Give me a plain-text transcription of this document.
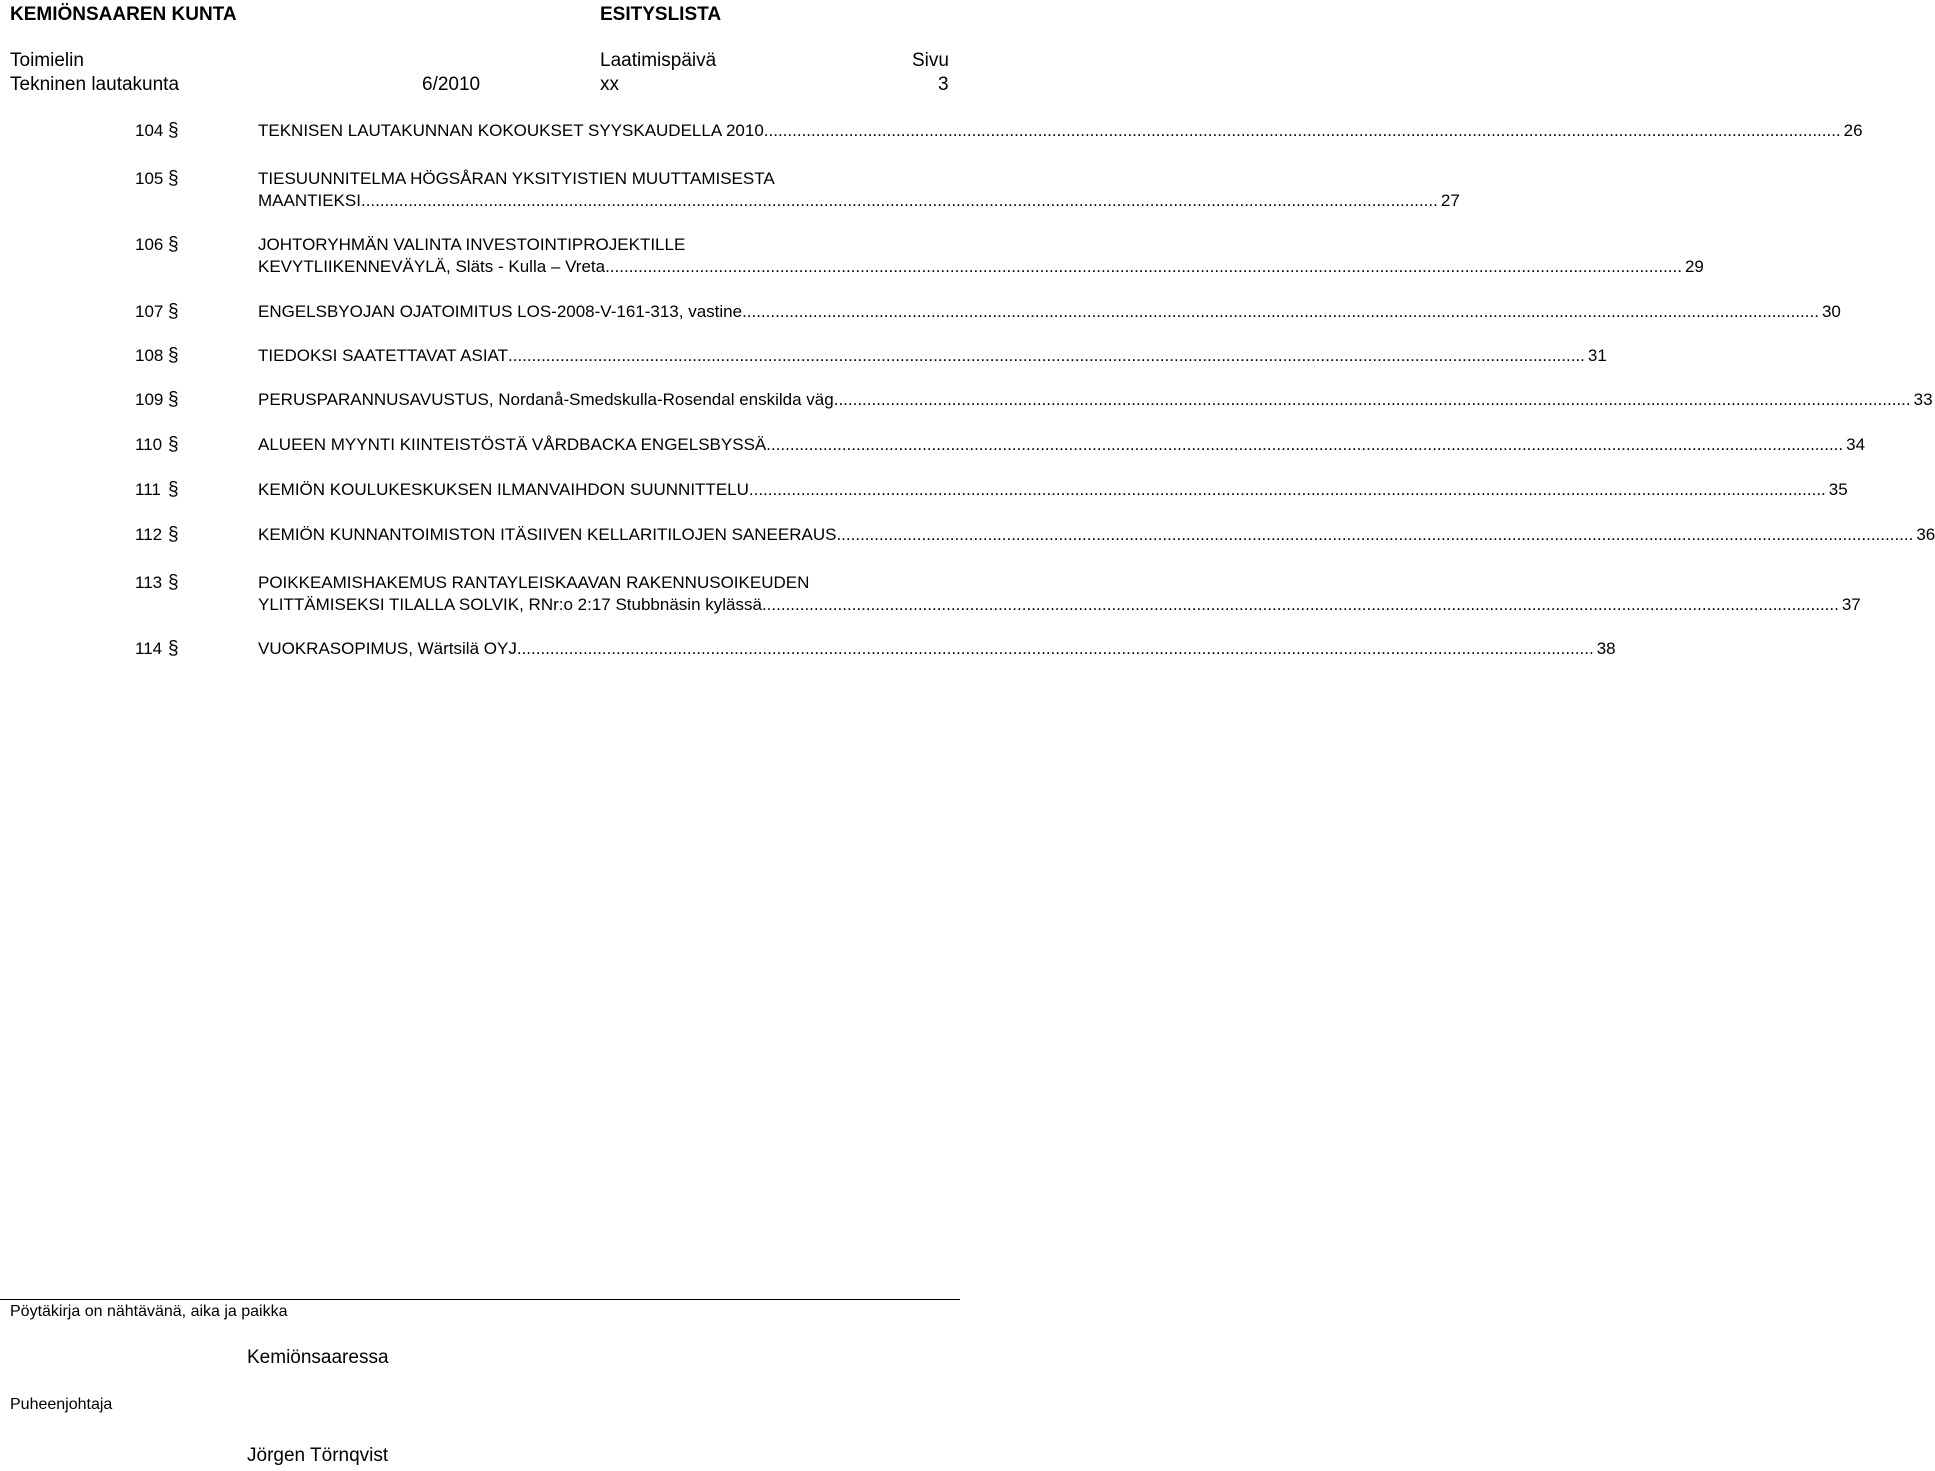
KEMIÖNSAAREN KUNTA	ESITYSLISTA
Toimielin	Laatimispäivä	Sivu
Tekninen lautakunta	6/2010	xx	3
104 §	TEKNISEN LAUTAKUNNAN KOKOUKSET SYYSKAUDELLA 2010 .................................................................................................................................................................................................................................... 26
105 §	TIESUUNNITELMA HÖGSÅRAN YKSITYISTIEN MUUTTAMISESTA
MAANTIEKSI .................................................................................................................................................................................................................................... 27
106 §	JOHTORYHMÄN VALINTA INVESTOINTIPROJEKTILLE
KEVYTLIIKENNEVÄYLÄ, Släts - Kulla – Vreta .................................................................................................................................................................................................................................... 29
107 §	ENGELSBYOJAN OJATOIMITUS LOS-2008-V-161-313, vastine .................................................................................................................................................................................................................................... 30
108 §	TIEDOKSI SAATETTAVAT ASIAT .................................................................................................................................................................................................................................... 31
109 §	PERUSPARANNUSAVUSTUS, Nordanå-Smedskulla-Rosendal enskilda väg .................................................................................................................................................................................................................................... 33
110 §	ALUEEN MYYNTI KIINTEISTÖSTÄ VÅRDBACKA ENGELSBYSSÄ .................................................................................................................................................................................................................................... 34
111 §	KEMIÖN KOULUKESKUKSEN ILMANVAIHDON SUUNNITTELU .................................................................................................................................................................................................................................... 35
112 §	KEMIÖN KUNNANTOIMISTON ITÄSIIVEN KELLARITILOJEN SANEERAUS .................................................................................................................................................................................................................................... 36
113 §	POIKKEAMISHAKEMUS RANTAYLEISKAAVAN RAKENNUSOIKEUDEN
YLITTÄMISEKSI TILALLA SOLVIK, RNr:o 2:17 Stubbnäsin kylässä .................................................................................................................................................................................................................................... 37
114 §	VUOKRASOPIMUS, Wärtsilä OYJ .................................................................................................................................................................................................................................... 38
Pöytäkirja on nähtävänä, aika ja paikka
Kemiönsaaressa
Puheenjohtaja
Jörgen Törnqvist
